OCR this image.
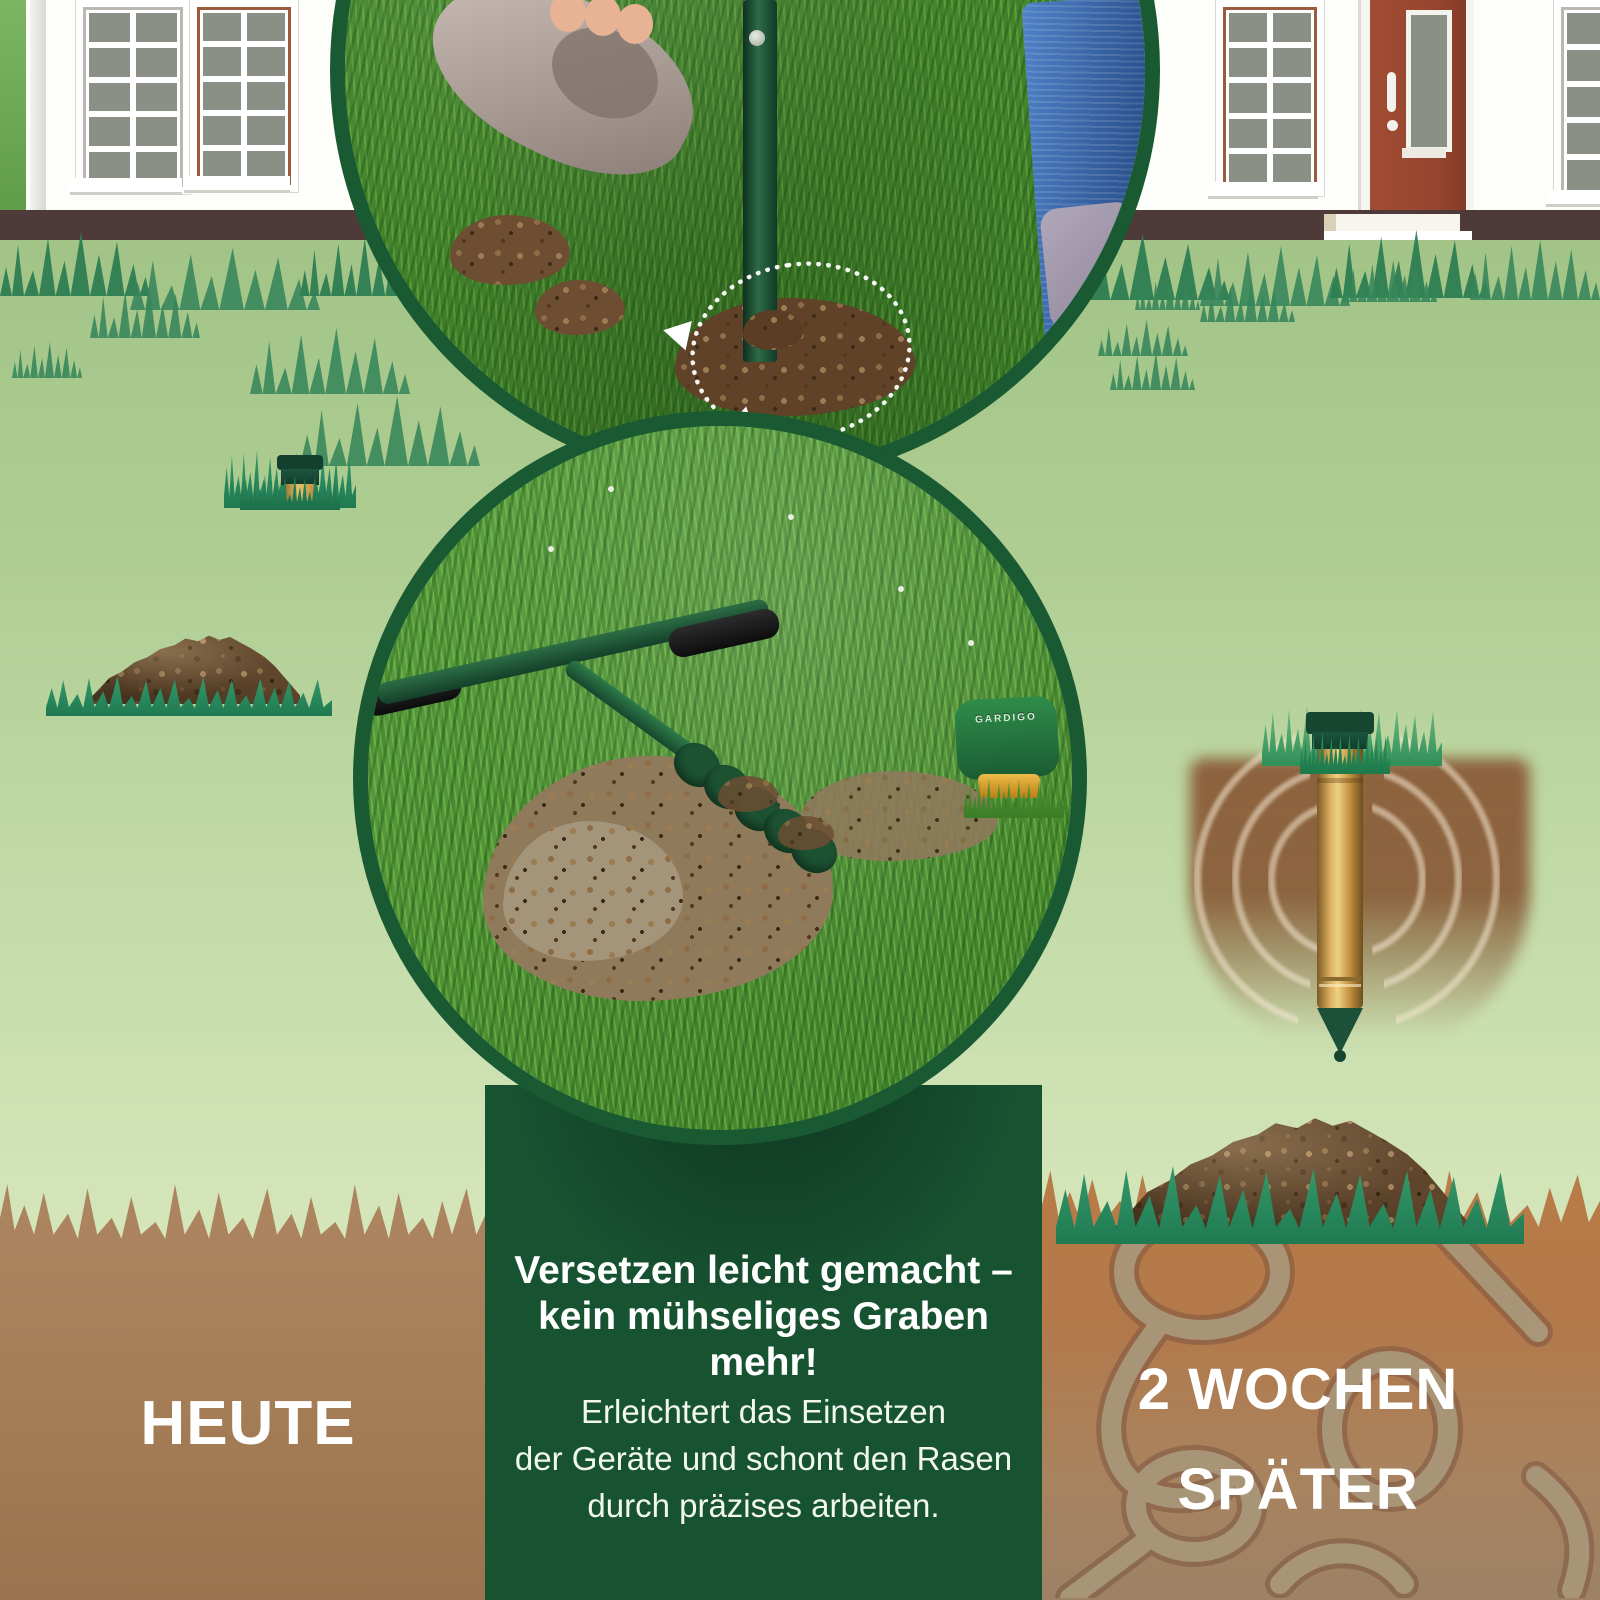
Versetzen leicht gemacht –
kein mühseliges Graben mehr!
Erleichtert das Einsetzen
der Geräte und schont den Rasen
durch präzises arbeiten.
HEUTE	2 WOCHEN
SPÄTER
GARDIGO
